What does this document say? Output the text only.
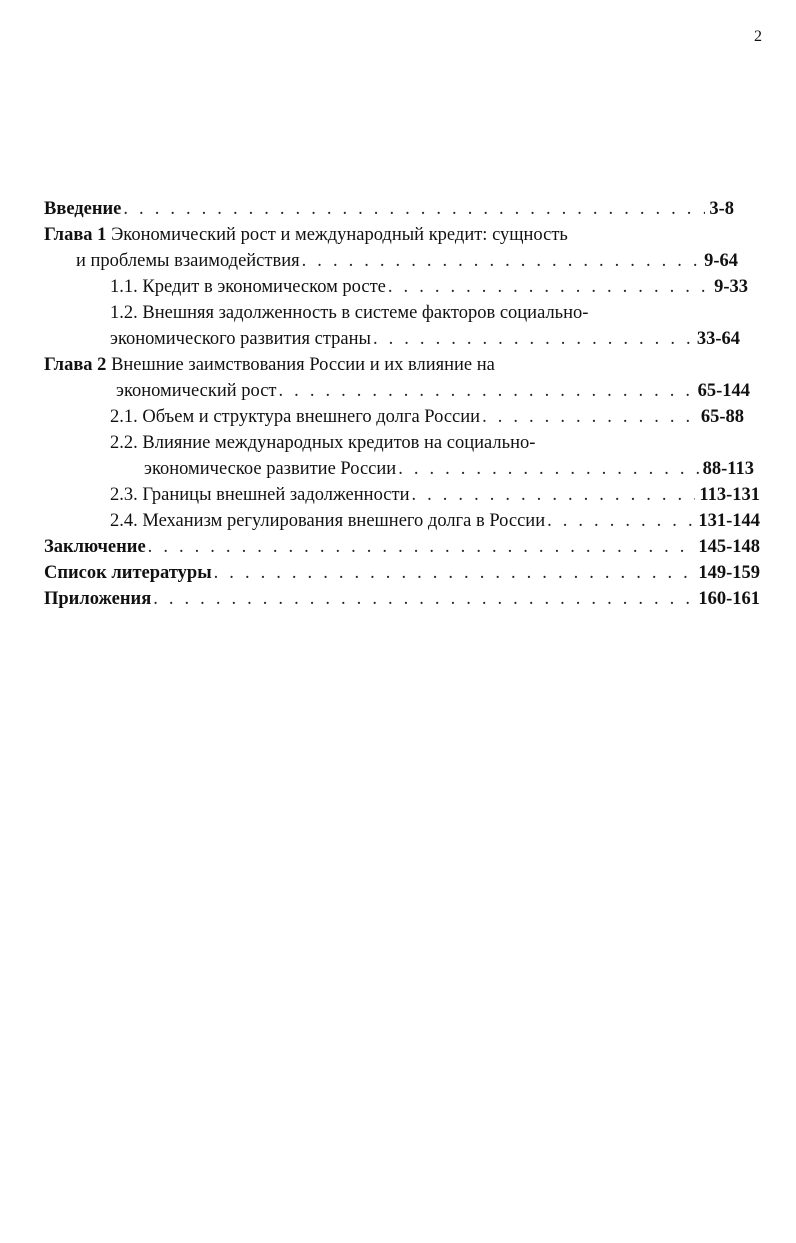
2
Введение . . .	3-8
Глава 1 Экономический рост и международный кредит: сущность
и проблемы взаимодействия . . .	9-64
1.1. Кредит в экономическом росте . . .	9-33
1.2. Внешняя задолженность в системе факторов социально-
экономического развития страны . . .	33-64
Глава 2 Внешние заимствования России и их влияние на
экономический рост . . .	65-144
2.1. Объем и структура внешнего долга России . . .	65-88
2.2. Влияние международных кредитов на социально-
экономическое развитие России . . .	88-113
2.3. Границы внешней задолженности . . .	113-131
2.4. Механизм регулирования внешнего долга в России . . .	131-144
Заключение . . .	145-148
Список литературы . . .	149-159
Приложения . . .	160-161
